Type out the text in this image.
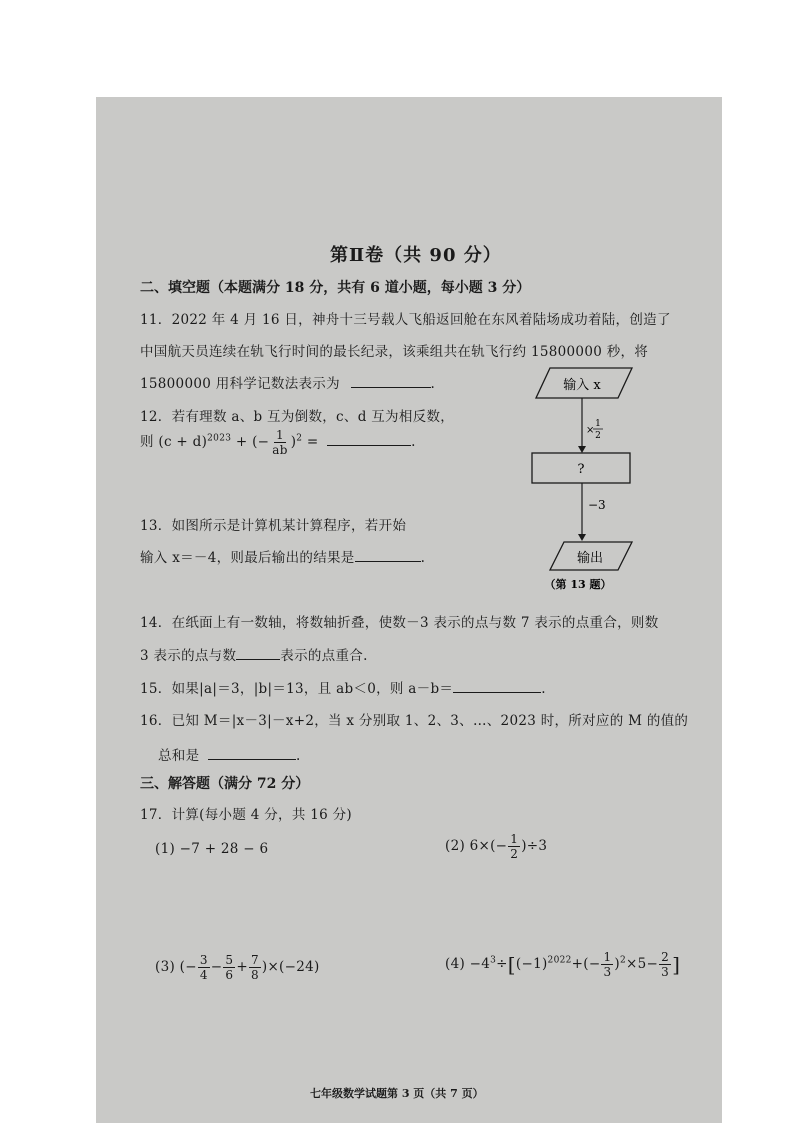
第Ⅱ卷（共 90 分）
二、填空题（本题满分 18 分，共有 6 道小题，每小题 3 分）
11．2022 年 4 月 16 日，神舟十三号载人飞船返回舱在东风着陆场成功着陆，创造了
中国航天员连续在轨飞行时间的最长纪录，该乘组共在轨飞行约 15800000 秒，将
15800000 用科学记数法表示为	.
12．若有理数 a、b 互为倒数，c、d 互为相反数，
则 $(c + d)^{2023}$ + (− $\frac{1}{ab} )^2$ =	.
13．如图所示是计算机某计算程序，若开始
输入 x＝－4，则最后输出的结果是	.
输入 x
×
1
2
?
−3
输出
（第 13 题）
14．在纸面上有一数轴，将数轴折叠，使数－3 表示的点与数 7 表示的点重合，则数
3 表示的点与数	表示的点重合.
15．如果|a|＝3，|b|＝13，且 ab＜0，则 a－b＝	.
16．已知 M＝|x－3|－x+2，当 x 分别取 1、2、3、…、2023 时，所对应的 M 的值的
总和是	.
三、解答题（满分 72 分）
17．计算(每小题 4 分，共 16 分)
(1) −7 + 28 − 6	(2) $6\times(- \frac{1}{2} )\div 3$
(3) (− $\frac{3}{4} - \frac{5}{6} + \frac{7}{8} )\times(-24)$	$(4) -4^3\div[(-1)^{2022}+(- \frac{1}{3} )^2\times 5- \frac{2}{3}$ ]
七年级数学试题第 3 页（共 7 页）
